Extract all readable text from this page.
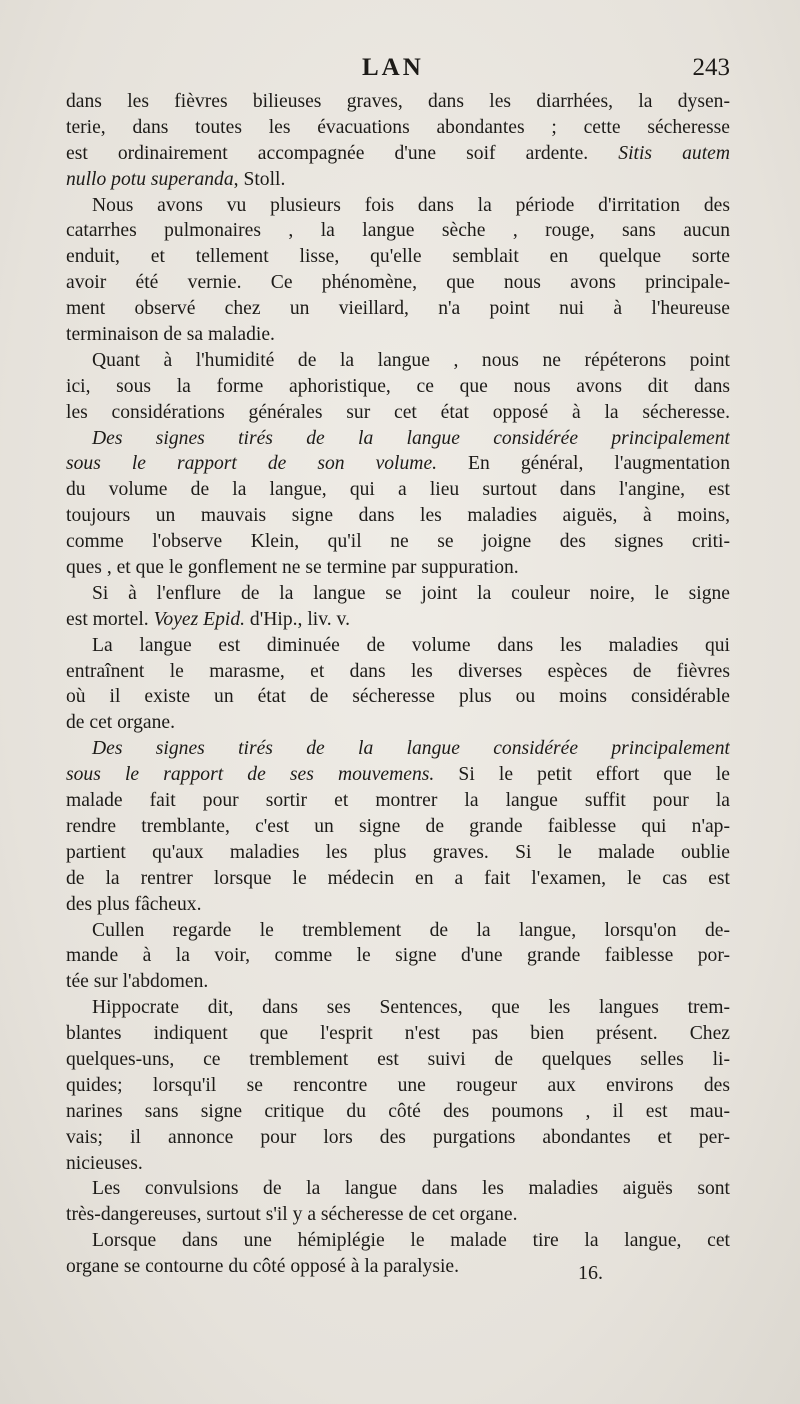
LAN	243
dans les fièvres bilieuses graves, dans les diarrhées, la dysen-
terie, dans toutes les évacuations abondantes ; cette sécheresse
est ordinairement accompagnée d'une soif ardente. Sitis autem
nullo potu superanda, Stoll.
Nous avons vu plusieurs fois dans la période d'irritation des
catarrhes pulmonaires , la langue sèche , rouge, sans aucun
enduit, et tellement lisse, qu'elle semblait en quelque sorte
avoir été vernie. Ce phénomène, que nous avons principale-
ment observé chez un vieillard, n'a point nui à l'heureuse
terminaison de sa maladie.
Quant à l'humidité de la langue , nous ne répéterons point
ici, sous la forme aphoristique, ce que nous avons dit dans
les considérations générales sur cet état opposé à la sécheresse.
Des signes tirés de la langue considérée principalement
sous le rapport de son volume. En général, l'augmentation
du volume de la langue, qui a lieu surtout dans l'angine, est
toujours un mauvais signe dans les maladies aiguës, à moins,
comme l'observe Klein, qu'il ne se joigne des signes criti-
ques , et que le gonflement ne se termine par suppuration.
Si à l'enflure de la langue se joint la couleur noire, le signe
est mortel. Voyez Epid. d'Hip., liv. v.
La langue est diminuée de volume dans les maladies qui
entraînent le marasme, et dans les diverses espèces de fièvres
où il existe un état de sécheresse plus ou moins considérable
de cet organe.
Des signes tirés de la langue considérée principalement
sous le rapport de ses mouvemens. Si le petit effort que le
malade fait pour sortir et montrer la langue suffit pour la
rendre tremblante, c'est un signe de grande faiblesse qui n'ap-
partient qu'aux maladies les plus graves. Si le malade oublie
de la rentrer lorsque le médecin en a fait l'examen, le cas est
des plus fâcheux.
Cullen regarde le tremblement de la langue, lorsqu'on de-
mande à la voir, comme le signe d'une grande faiblesse por-
tée sur l'abdomen.
Hippocrate dit, dans ses Sentences, que les langues trem-
blantes indiquent que l'esprit n'est pas bien présent. Chez
quelques-uns, ce tremblement est suivi de quelques selles li-
quides; lorsqu'il se rencontre une rougeur aux environs des
narines sans signe critique du côté des poumons , il est mau-
vais; il annonce pour lors des purgations abondantes et per-
nicieuses.
Les convulsions de la langue dans les maladies aiguës sont
très-dangereuses, surtout s'il y a sécheresse de cet organe.
Lorsque dans une hémiplégie le malade tire la langue, cet
organe se contourne du côté opposé à la paralysie.	16.
